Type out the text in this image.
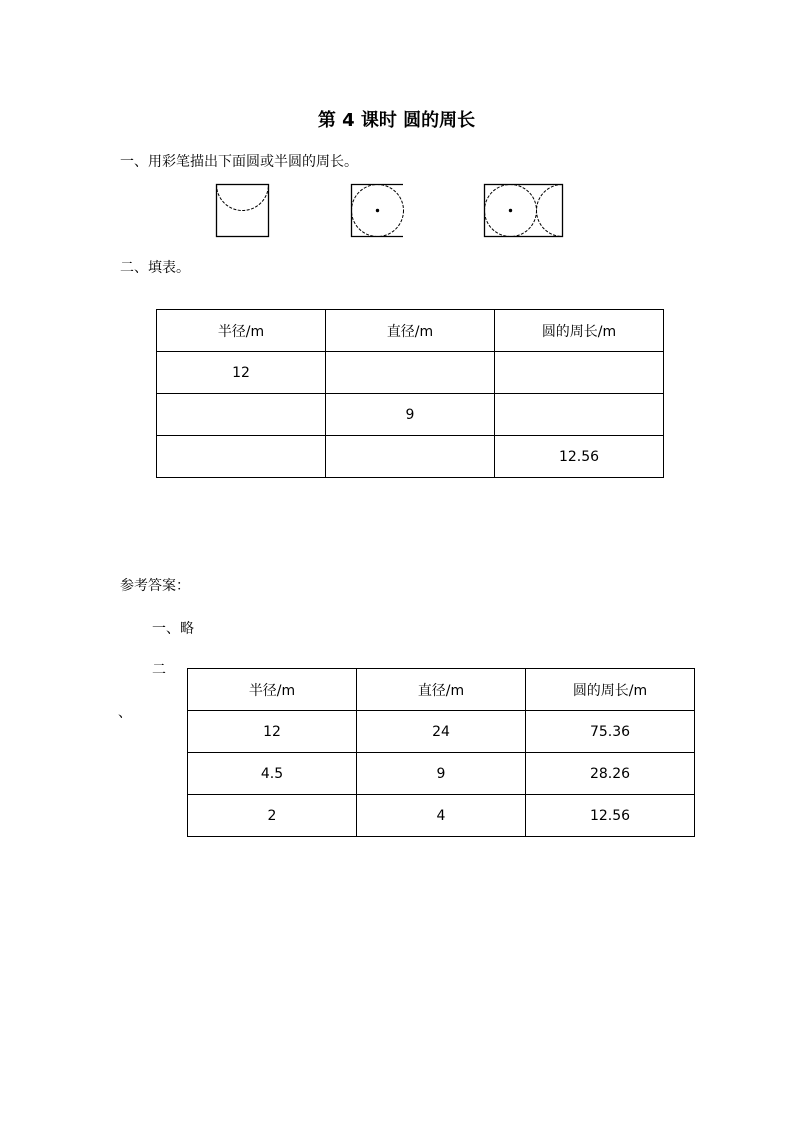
第 4 课时 圆的周长
一、用彩笔描出下面圆或半圆的周长。
二、填表。
半径/m	直径/m	圆的周长/m
12		
	9	
		12.56
参考答案：
一、略
二
、
半径/m	直径/m	圆的周长/m
12	24	75.36
4.5	9	28.26
2	4	12.56
